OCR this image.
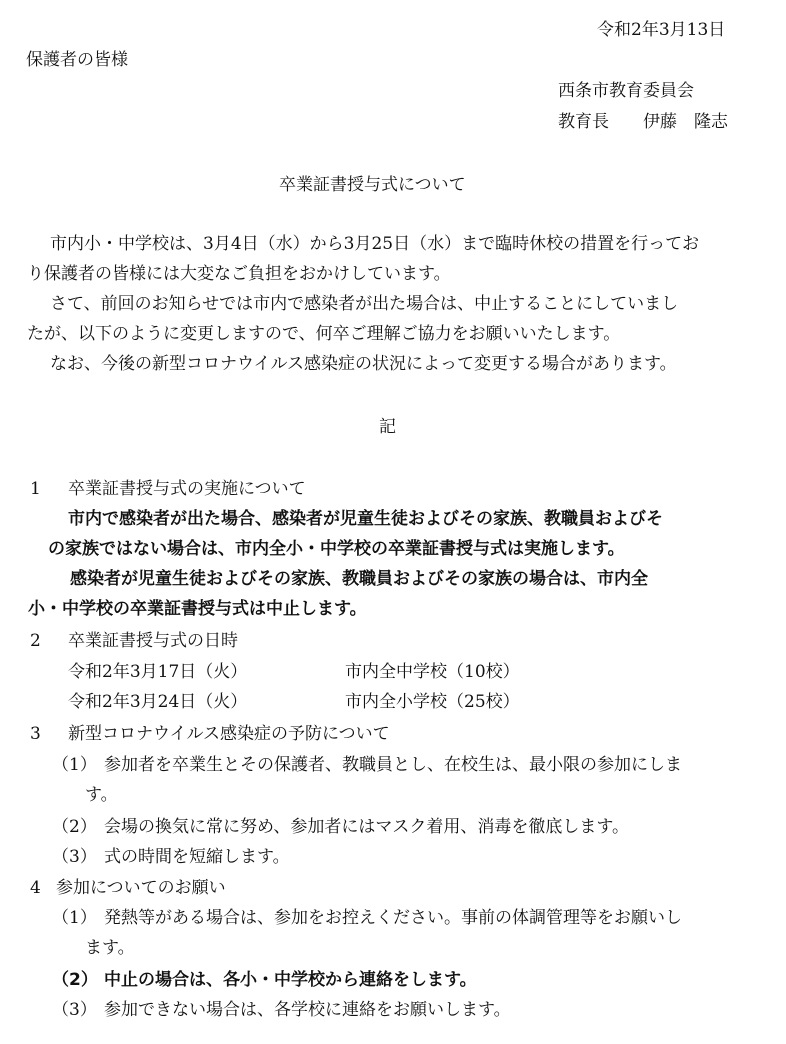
令和2年3月13日
保護者の皆様
西条市教育委員会
教育長 伊藤　隆志
卒業証書授与式について
市内小・中学校は、3月4日（水）から3月25日（水）まで臨時休校の措置を行ってお
り保護者の皆様には大変なご負担をおかけしています。
さて、前回のお知らせでは市内で感染者が出た場合は、中止することにしていまし
たが、以下のように変更しますので、何卒ご理解ご協力をお願いいたします。
なお、今後の新型コロナウイルス感染症の状況によって変更する場合があります。
記
1 卒業証書授与式の実施について
市内で感染者が出た場合、感染者が児童生徒およびその家族、教職員およびそ
の家族ではない場合は、市内全小・中学校の卒業証書授与式は実施します。
感染者が児童生徒およびその家族、教職員およびその家族の場合は、市内全
小・中学校の卒業証書授与式は中止します。
2 卒業証書授与式の日時
令和2年3月17日（火）	市内全中学校（10校）
令和2年3月24日（火）	市内全小学校（25校）
3 新型コロナウイルス感染症の予防について
（1） 参加者を卒業生とその保護者、教職員とし、在校生は、最小限の参加にしま
す。
（2） 会場の換気に常に努め、参加者にはマスク着用、消毒を徹底します。
（3） 式の時間を短縮します。
4 参加についてのお願い
（1） 発熱等がある場合は、参加をお控えください。事前の体調管理等をお願いし
ます。
（2） 中止の場合は、各小・中学校から連絡をします。
（3） 参加できない場合は、各学校に連絡をお願いします。
